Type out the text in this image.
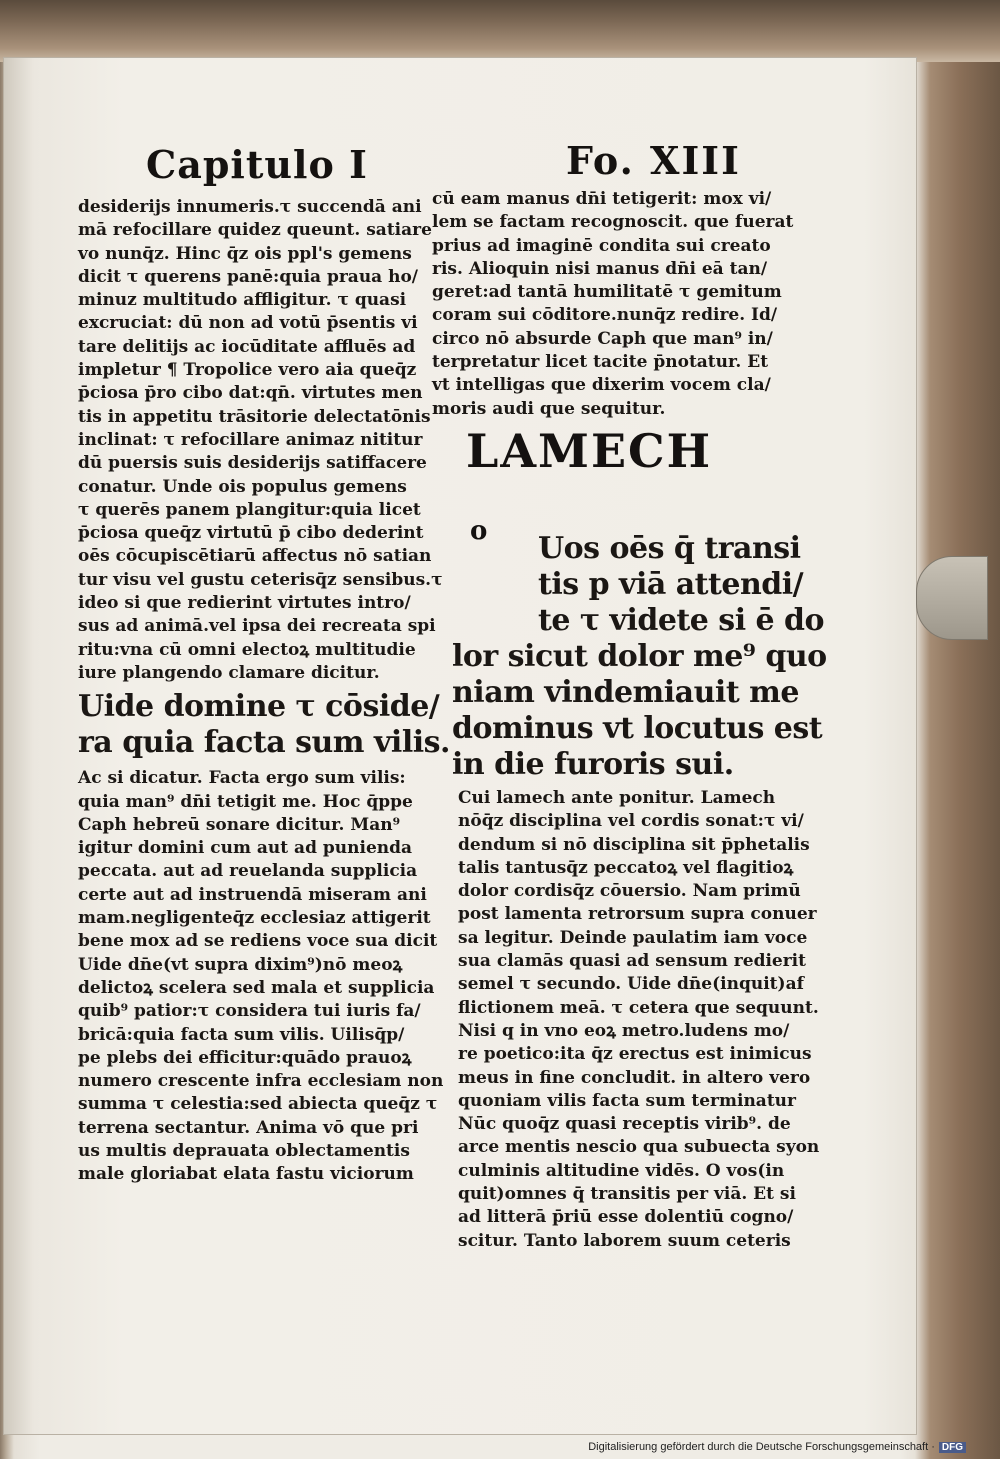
Capitulo I	Fo. XIII
desiderijs innumeris.τ succendā ani
mā refocillare quidez queunt. satiare
vo nunq̄z. Hinc q̄z ois ppl's gemens
dicit τ querens panē:quia praua ho/
minuz multitudo affligitur. τ quasi
excruciat: dū non ad votū p̄sentis vi
tare delitijs ac iocūditate affluēs ad
impletur ¶ Tropolice vero aia queq̄z
p̄ciosa p̄ro cibo dat:qn̄. virtutes men
tis in appetitu trāsitorie delectatōnis
inclinat: τ refocillare animaz nititur
dū puersis suis desiderijs satiffacere
conatur. Unde ois populus gemens
τ querēs panem plangitur:quia licet
p̄ciosa queq̄z virtutū p̄ cibo dederint
oēs cōcupiscētiarū affectus nō satian
tur visu vel gustu ceterisq̄z sensibus.τ
ideo si que redierint virtutes intro/
sus ad animā.vel ipsa dei recreata spi
ritu:vna cū omni electoꝝ multitudie
iure plangendo clamare dicitur.
Uide domine τ cōside/
ra quia facta sum vilis.
Ac si dicatur. Facta ergo sum vilis:
quia man⁹ dn̄i tetigit me. Hoc q̄ppe
Caph hebreū sonare dicitur. Man⁹
igitur domini cum aut ad punienda
peccata. aut ad reuelanda supplicia
certe aut ad instruendā miseram ani
mam.negligenteq̄z ecclesiaz attigerit
bene mox ad se rediens voce sua dicit
Uide dn̄e(vt supra dixim⁹)nō meoꝝ
delictoꝝ scelera sed mala et supplicia
quib⁹ patior:τ considera tui iuris fa/
bricā:quia facta sum vilis. Uilisq̄p/
pe plebs dei efficitur:quādo prauoꝝ
numero crescente infra ecclesiam non
summa τ celestia:sed abiecta queq̄z τ
terrena sectantur. Anima vō que pri
us multis deprauata oblectamentis
male gloriabat elata fastu viciorum
cū eam manus dn̄i tetigerit: mox vi/
lem se factam recognoscit. que fuerat
prius ad imaginē condita sui creato
ris. Alioquin nisi manus dn̄i eā tan/
geret:ad tantā humilitatē τ gemitum
coram sui cōditore.nunq̄z redire. Id/
circo nō absurde Caph que man⁹ in/
terpretatur licet tacite p̄notatur. Et
vt intelligas que dixerim vocem cla/
moris audi que sequitur.
Uos oēs q̄ transi
tis p viā attendi/
te τ videte si ē do
lor sicut dolor me⁹ quo
niam vindemiauit me
dominus vt locutus est
in die furoris sui.
Cui lamech ante ponitur. Lamech
nōq̄z disciplina vel cordis sonat:τ vi/
dendum si nō disciplina sit p̄phetalis
talis tantusq̄z peccatoꝝ vel flagitioꝝ
dolor cordisq̄z cōuersio. Nam primū
post lamenta retrorsum supra conuer
sa legitur. Deinde paulatim iam voce
sua clamās quasi ad sensum redierit
semel τ secundo. Uide dn̄e(inquit)af
flictionem meā. τ cetera que sequunt.
Nisi q in vno eoꝝ metro.ludens mo/
re poetico:ita q̄z erectus est inimicus
meus in fine concludit. in altero vero
quoniam vilis facta sum terminatur
Nūc quoq̄z quasi receptis virib⁹. de
arce mentis nescio qua subuecta syon
culminis altitudine vidēs. O vos(in
quit)omnes q̄ transitis per viā. Et si
ad litterā p̄riū esse dolentiū cogno/
scitur. Tanto laborem suum ceteris
LAMECH
o
Digitalisierung gefördert durch die Deutsche Forschungsgemeinschaft · DFG
